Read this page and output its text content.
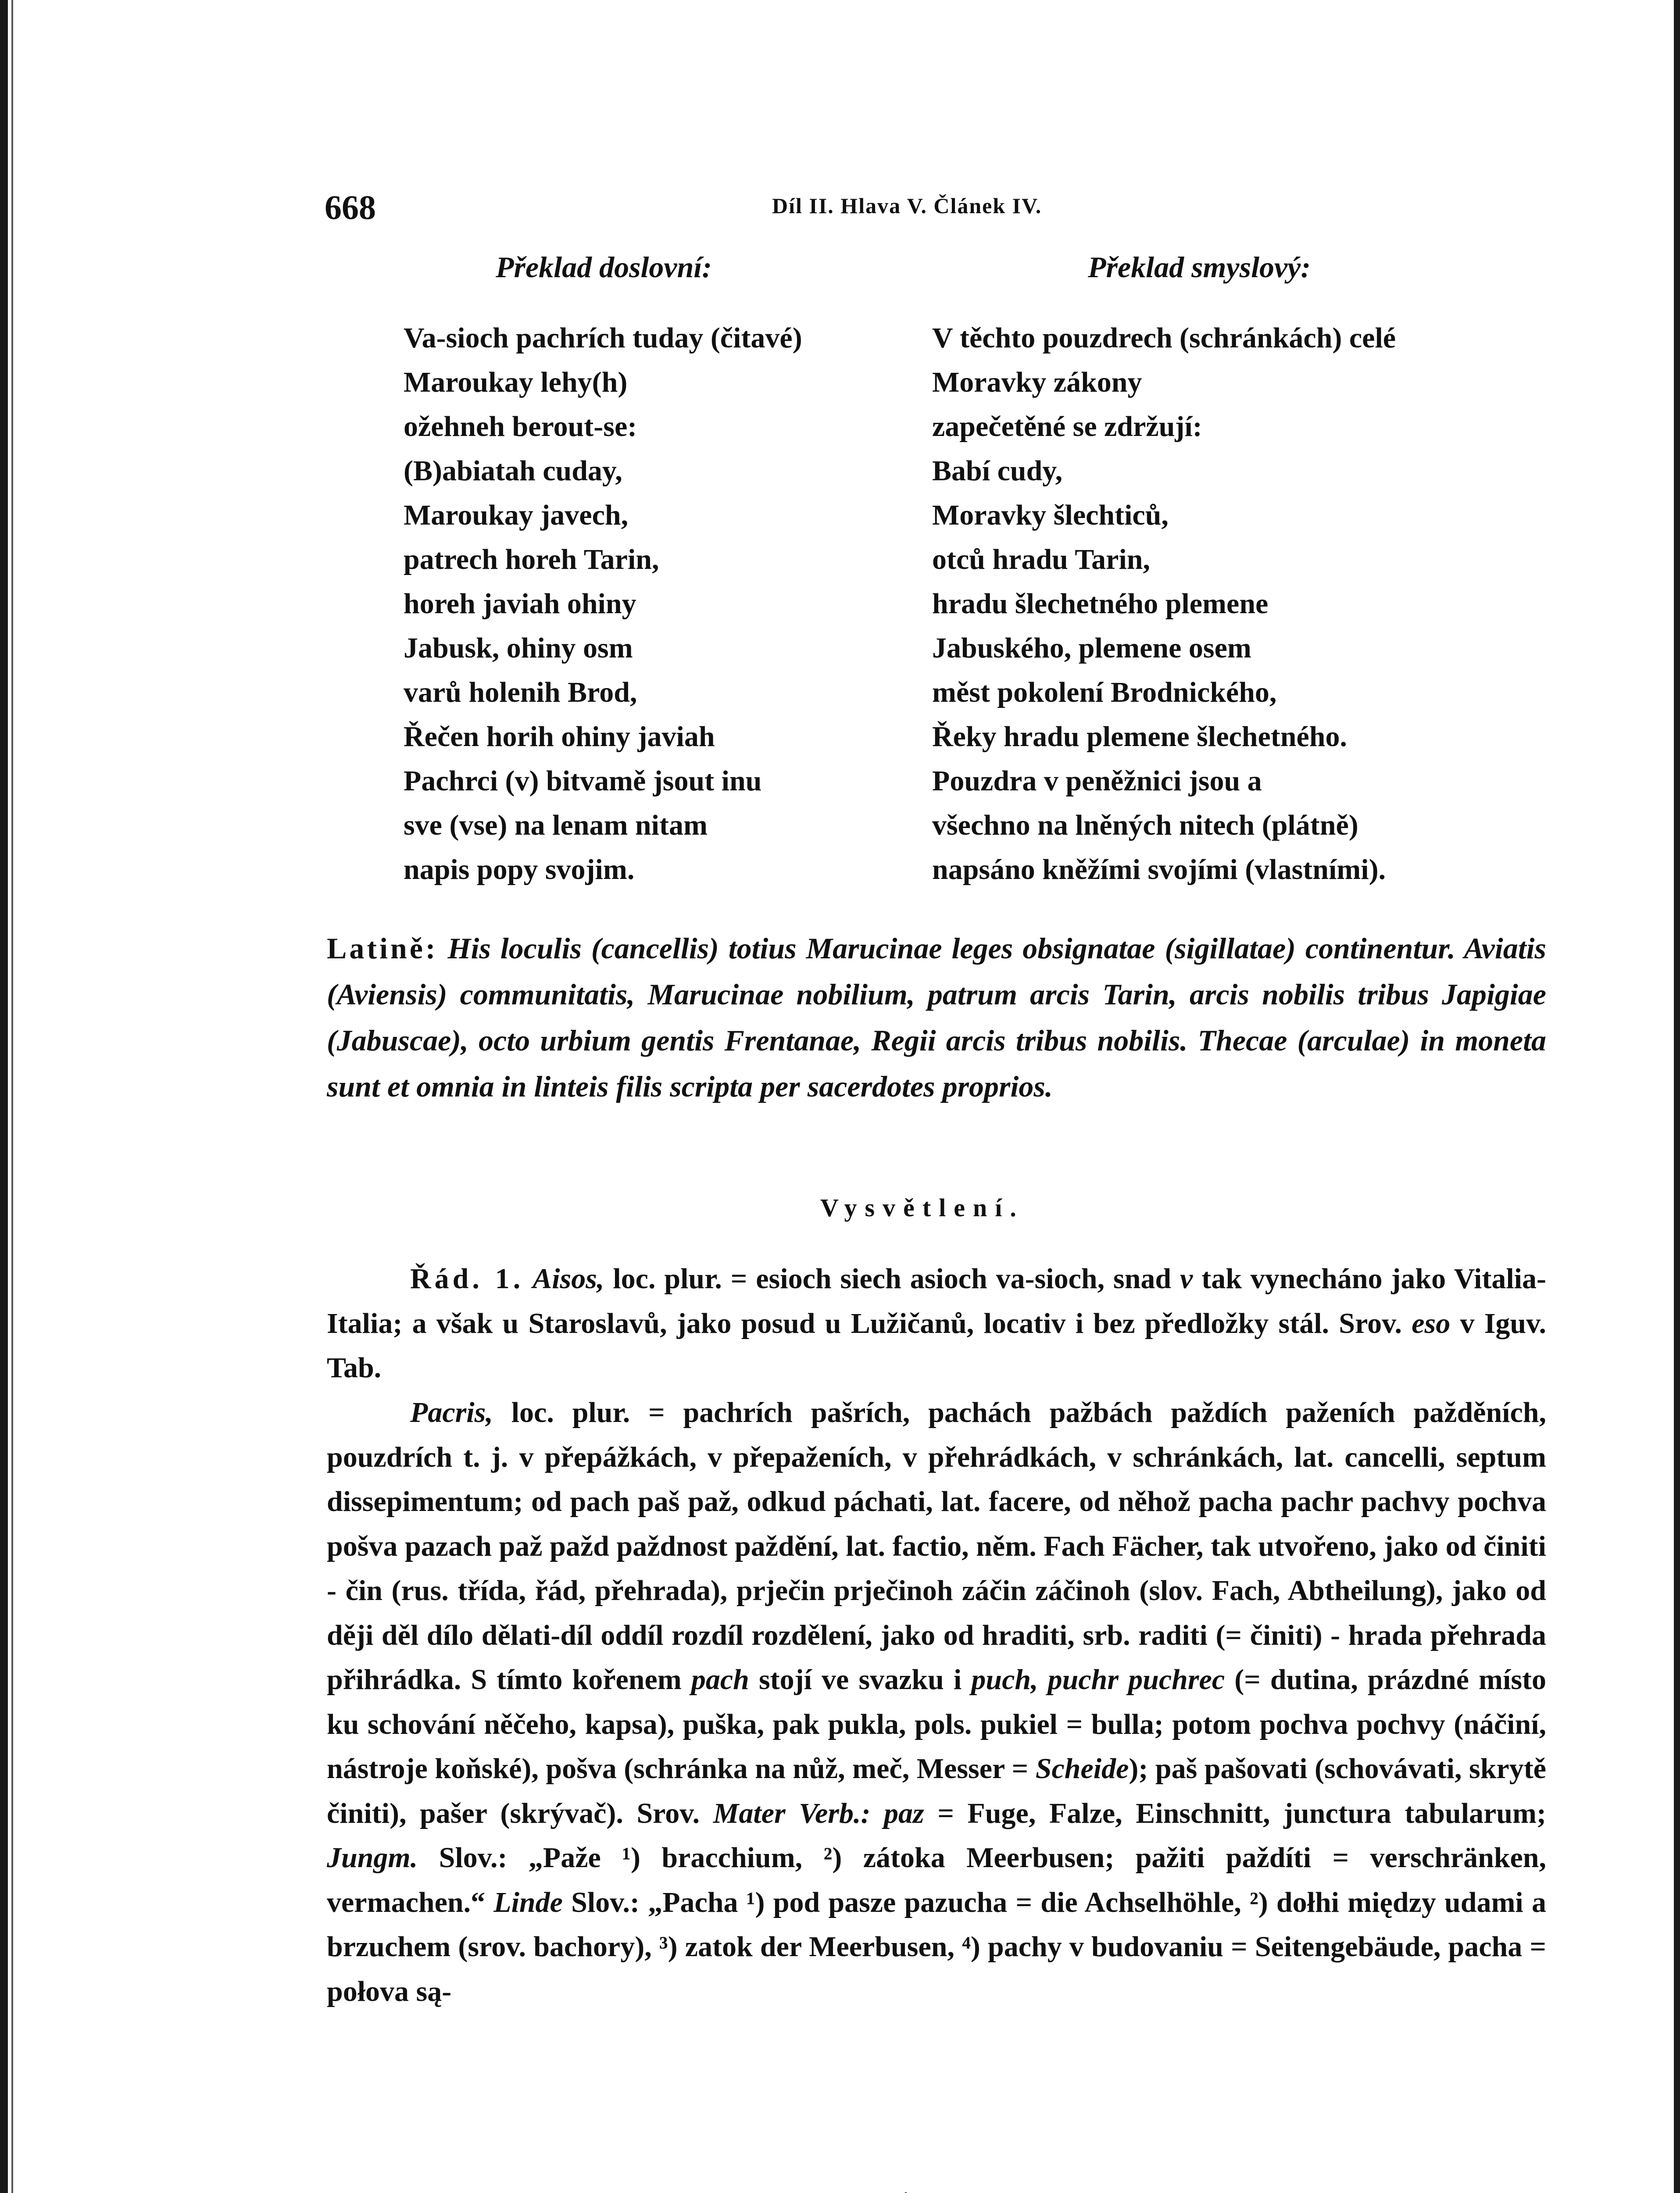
668	Díl II. Hlava V. Článek IV.
Překlad doslovní:	Překlad smyslový:
Va-sioch pachrích tuday (čitavé)
Maroukay lehy(h)
ožehneh berout-se:
(B)abiatah cuday,
Maroukay javech,
patrech horeh Tarin,
horeh javiah ohiny
Jabusk, ohiny osm
varů holenih Brod,
Řečen horih ohiny javiah
Pachrci (v) bitvamě jsout inu
sve (vse) na lenam nitam
napis popy svojim.
V těchto pouzdrech (schránkách) celé
Moravky zákony
zapečetěné se zdržují:
Babí cudy,
Moravky šlechticů,
otců hradu Tarin,
hradu šlechetného plemene
Jabuského, plemene osem
měst pokolení Brodnického,
Řeky hradu plemene šlechetného.
Pouzdra v peněžnici jsou a
všechno na lněných nitech (plátně)
napsáno kněžími svojími (vlastními).
Latině: His loculis (cancellis) totius Marucinae leges obsignatae (sigillatae) continentur. Aviatis (Aviensis) communitatis, Marucinae nobilium, patrum arcis Tarin, arcis nobilis tribus Japigiae (Jabuscae), octo urbium gentis Frentanae, Regii arcis tribus nobilis. Thecae (arculae) in moneta sunt et omnia in linteis filis scripta per sacerdotes proprios.
Vysvětlení.

Řád. 1. Aisos, loc. plur. = esioch siech asioch va-sioch, snad v tak vynecháno jako Vitalia-Italia; a však u Staroslavů, jako posud u Lužičanů, locativ i bez předložky stál. Srov. eso v Iguv. Tab.

Pacris, loc. plur. = pachrích pašrích, pachách pažbách paždích paženích pažděních, pouzdrích t. j. v přepážkách, v přepaženích, v přehrádkách, v schránkách, lat. cancelli, septum dissepimentum; od pach paš paž, odkud páchati, lat. facere, od něhož pacha pachr pachvy pochva pošva pazach paž pažd paždnost paždění, lat. factio, něm. Fach Fächer, tak utvořeno, jako od činiti - čin (rus. třída, řád, přehrada), prječin prječinoh záčin záčinoh (slov. Fach, Abtheilung), jako od ději děl dílo dělati-díl oddíl rozdíl rozdělení, jako od hraditi, srb. raditi (= činiti) - hrada přehrada přihrádka. S tímto kořenem pach stojí ve svazku i puch, puchr puchrec (= dutina, prázdné místo ku schování něčeho, kapsa), puška, pak pukla, pols. pukiel = bulla; potom pochva pochvy (náčiní, nástroje koňské), pošva (schránka na nůž, meč, Messer = Scheide); paš pašovati (schovávati, skrytě činiti), pašer (skrývač). Srov. Mater Verb.: paz = Fuge, Falze, Einschnitt, junctura tabularum; Jungm. Slov.: „Paže ¹) bracchium, ²) zátoka Meerbusen; pažiti paždíti = verschränken, vermachen.“ Linde Slov.: „Pacha ¹) pod pasze pazucha = die Achselhöhle, ²) dołhi między udami a brzuchem (srov. bachory), ³) zatok der Meerbusen, ⁴) pachy v budovaniu = Seitengebäude, pacha = połova są-
